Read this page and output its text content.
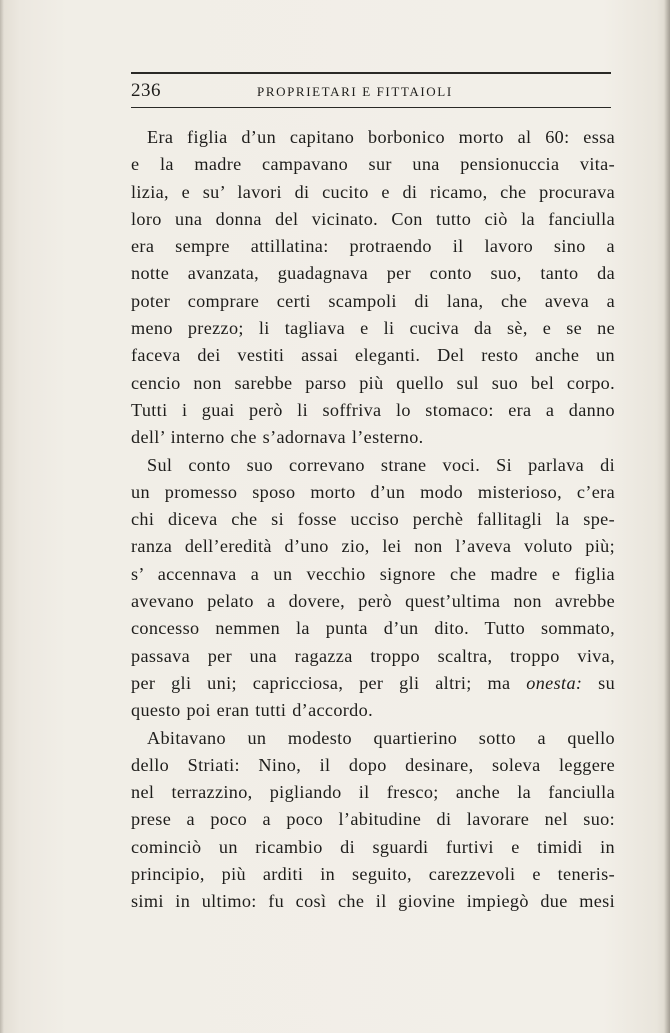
236	PROPRIETARI E FITTAIOLI
Era figlia d’un capitano borbonico morto al 60: essa
e la madre campavano sur una pensionuccia vita-
lizia, e su’ lavori di cucito e di ricamo, che procurava
loro una donna del vicinato. Con tutto ciò la fanciulla
era sempre attillatina: protraendo il lavoro sino a
notte avanzata, guadagnava per conto suo, tanto da
poter comprare certi scampoli di lana, che aveva a
meno prezzo; li tagliava e li cuciva da sè, e se ne
faceva dei vestiti assai eleganti. Del resto anche un
cencio non sarebbe parso più quello sul suo bel corpo.
Tutti i guai però li soffriva lo stomaco: era a danno
dell’ interno che s’adornava l’esterno.
Sul conto suo correvano strane voci. Si parlava di
un promesso sposo morto d’un modo misterioso, c’era
chi diceva che si fosse ucciso perchè fallitagli la spe-
ranza dell’eredità d’uno zio, lei non l’aveva voluto più;
s’ accennava a un vecchio signore che madre e figlia
avevano pelato a dovere, però quest’ultima non avrebbe
concesso nemmen la punta d’un dito. Tutto sommato,
passava per una ragazza troppo scaltra, troppo viva,
per gli uni; capricciosa, per gli altri; ma onesta: su
questo poi eran tutti d’accordo.
Abitavano un modesto quartierino sotto a quello
dello Striati: Nino, il dopo desinare, soleva leggere
nel terrazzino, pigliando il fresco; anche la fanciulla
prese a poco a poco l’abitudine di lavorare nel suo:
cominciò un ricambio di sguardi furtivi e timidi in
principio, più arditi in seguito, carezzevoli e teneris-
simi in ultimo: fu così che il giovine impiegò due mesi
